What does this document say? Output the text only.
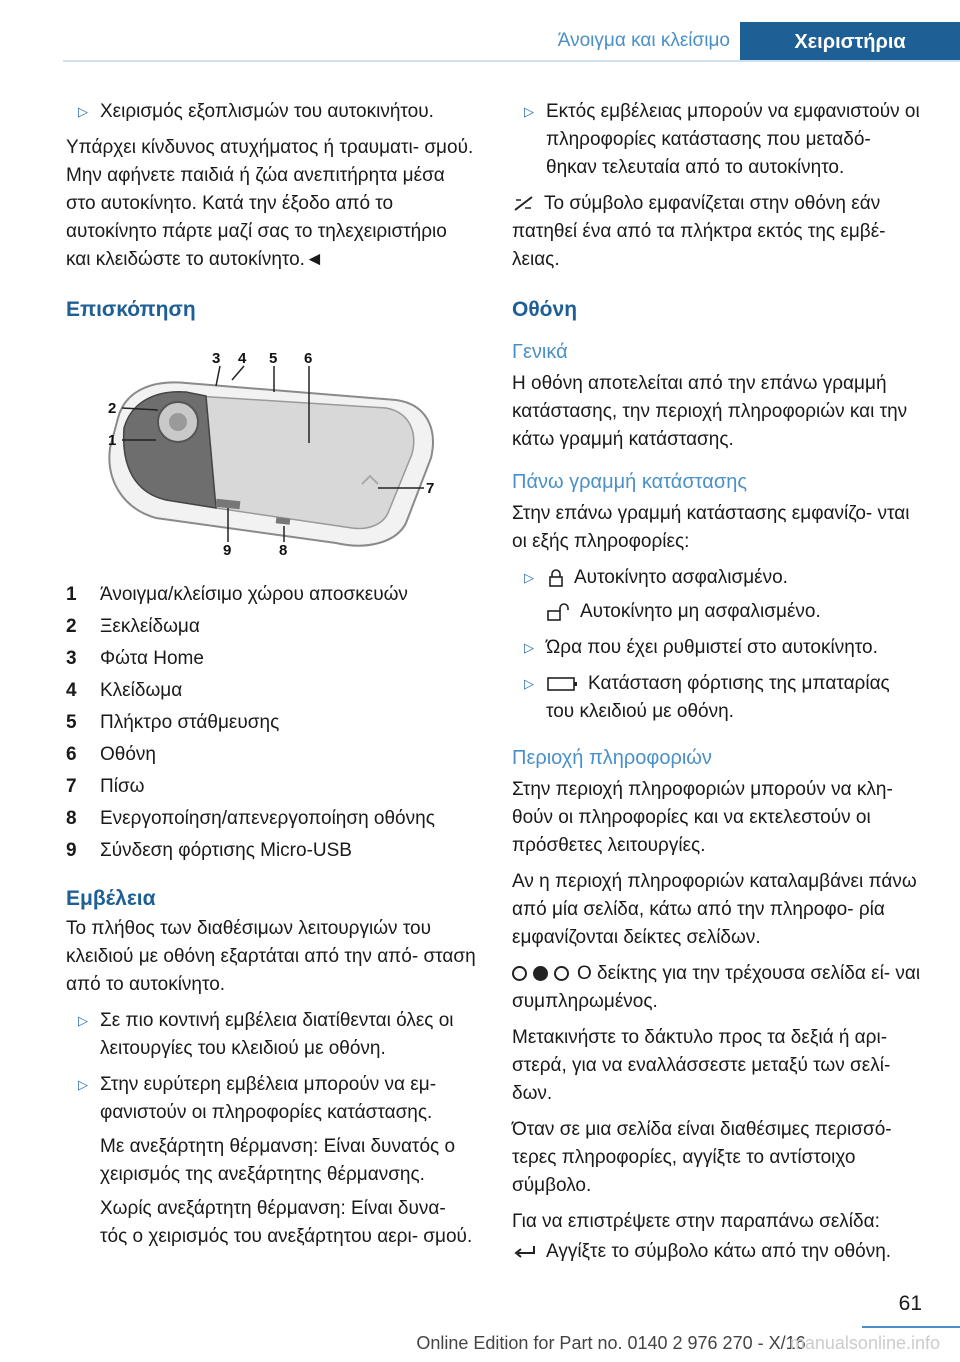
Άνοιγμα και κλείσιμο	Χειριστήρια
▷ Χειρισμός εξοπλισμών του αυτοκινήτου.

Υπάρχει κίνδυνος ατυχήματος ή τραυματι- σμού. Μην αφήνετε παιδιά ή ζώα ανεπιτήρητα μέσα στο αυτοκίνητο. Κατά την έξοδο από το αυτοκίνητο πάρτε μαζί σας το τηλεχειριστήριο και κλειδώστε το αυτοκίνητο.◄

Επισκόπηση
1
2
3 4 5 6
7
8
9
1	Άνοιγμα/κλείσιμο χώρου αποσκευών
2	Ξεκλείδωμα
3	Φώτα Home
4	Κλείδωμα
5	Πλήκτρο στάθμευσης
6	Οθόνη
7	Πίσω
8	Ενεργοποίηση/απενεργοποίηση οθόνης
9	Σύνδεση φόρτισης Micro-USB
Εμβέλεια

Το πλήθος των διαθέσιμων λειτουργιών του κλειδιού με οθόνη εξαρτάται από την από- σταση από το αυτοκίνητο.

▷ Σε πιο κοντινή εμβέλεια διατίθενται όλες οι λειτουργίες του κλειδιού με οθόνη.
▷ Στην ευρύτερη εμβέλεια μπορούν να εμ- φανιστούν οι πληροφορίες κατάστασης.
Με ανεξάρτητη θέρμανση: Είναι δυνατός ο χειρισμός της ανεξάρτητης θέρμανσης.
Χωρίς ανεξάρτητη θέρμανση: Είναι δυνα- τός ο χειρισμός του ανεξάρτητου αερι- σμού.
▷ Εκτός εμβέλειας μπορούν να εμφανιστούν οι πληροφορίες κατάστασης που μεταδό- θηκαν τελευταία από το αυτοκίνητο.

Το σύμβολο εμφανίζεται στην οθόνη εάν πατηθεί ένα από τα πλήκτρα εκτός της εμβέ- λειας.

Οθόνη
Γενικά

Η οθόνη αποτελείται από την επάνω γραμμή κατάστασης, την περιοχή πληροφοριών και την κάτω γραμμή κατάστασης.

Πάνω γραμμή κατάστασης

Στην επάνω γραμμή κατάστασης εμφανίζο- νται οι εξής πληροφορίες:

▷ Αυτοκίνητο ασφαλισμένο.
Αυτοκίνητο μη ασφαλισμένο.
▷ Ώρα που έχει ρυθμιστεί στο αυτοκίνητο.
▷	Κατάσταση φόρτισης της μπαταρίας του κλειδιού με οθόνη.
Περιοχή πληροφοριών

Στην περιοχή πληροφοριών μπορούν να κλη- θούν οι πληροφορίες και να εκτελεστούν οι πρόσθετες λειτουργίες.

Αν η περιοχή πληροφοριών καταλαμβάνει πάνω από μία σελίδα, κάτω από την πληροφο- ρία εμφανίζονται δείκτες σελίδων.

Ο δείκτης για την τρέχουσα σελίδα εί- ναι συμπληρωμένος.

Μετακινήστε το δάκτυλο προς τα δεξιά ή αρι- στερά, για να εναλλάσσεστε μεταξύ των σελί- δων.

Όταν σε μια σελίδα είναι διαθέσιμες περισσό- τερες πληροφορίες, αγγίξτε το αντίστοιχο σύμβολο.

Για να επιστρέψετε στην παραπάνω σελίδα:

Αγγίξτε το σύμβολο κάτω από την οθόνη.

61
Online Edition for Part no. 0140 2 976 270 - X/16
manualsonline.info
